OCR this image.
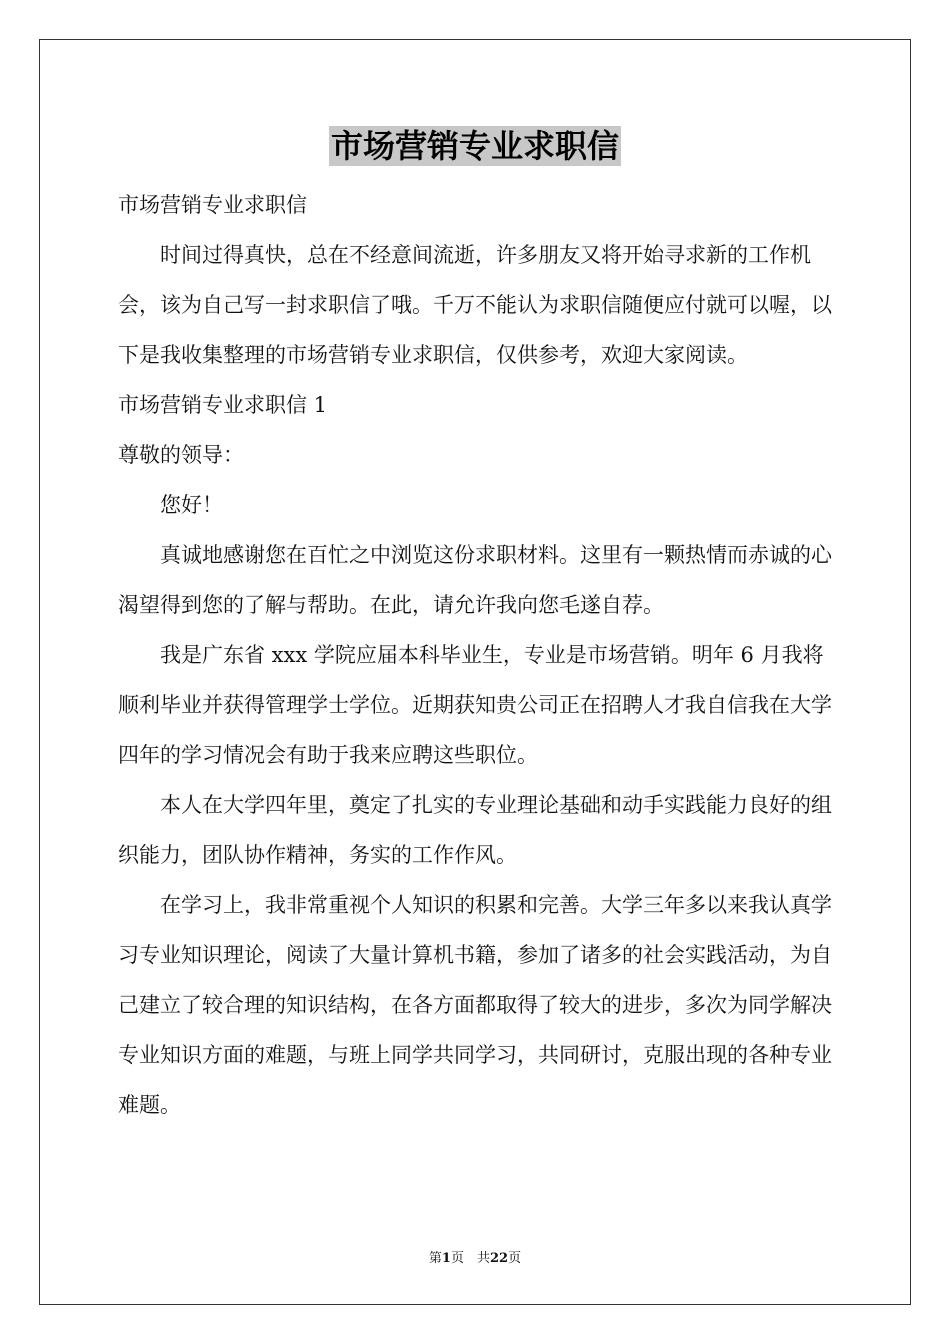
市场营销专业求职信

市场营销专业求职信

时间过得真快，总在不经意间流逝，许多朋友又将开始寻求新的工作机会，该为自己写一封求职信了哦。千万不能认为求职信随便应付就可以喔，以下是我收集整理的市场营销专业求职信，仅供参考，欢迎大家阅读。

市场营销专业求职信 1

尊敬的领导：

您好！

真诚地感谢您在百忙之中浏览这份求职材料。这里有一颗热情而赤诚的心渴望得到您的了解与帮助。在此，请允许我向您毛遂自荐。

我是广东省 xxx 学院应届本科毕业生，专业是市场营销。明年 6 月我将顺利毕业并获得管理学士学位。近期获知贵公司正在招聘人才我自信我在大学四年的学习情况会有助于我来应聘这些职位。

本人在大学四年里，奠定了扎实的专业理论基础和动手实践能力良好的组织能力，团队协作精神，务实的工作作风。

在学习上，我非常重视个人知识的积累和完善。大学三年多以来我认真学习专业知识理论，阅读了大量计算机书籍，参加了诸多的社会实践活动，为自己建立了较合理的知识结构，在各方面都取得了较大的进步，多次为同学解决专业知识方面的难题，与班上同学共同学习，共同研讨，克服出现的各种专业难题。

第1页　共22页
